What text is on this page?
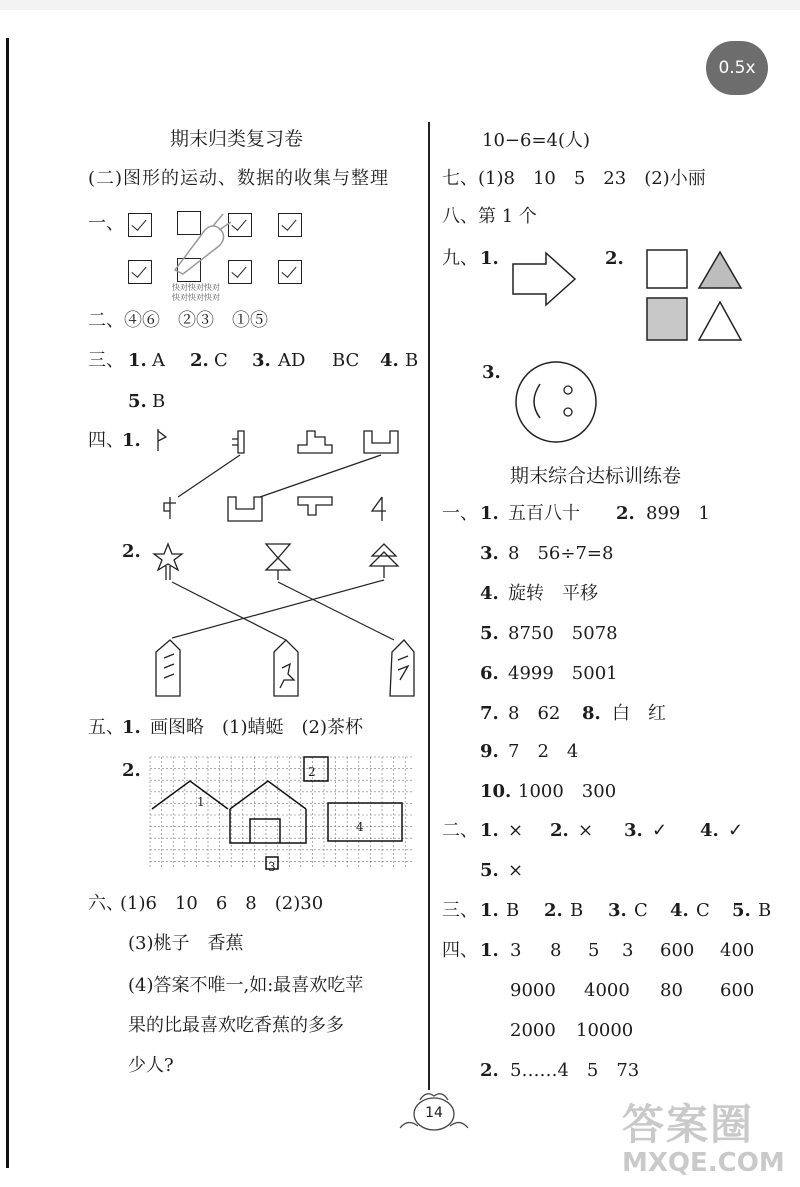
0.5x
期末归类复习卷
(二)图形的运动、数据的收集与整理
一、
快对快对快对
快对快对快对
二、④⑥　②③　①⑤
三、 1. A 2. C 3. AD BC 4. B
5. B
四、
1.
2.
五、
1. 画图略　(1)蜻蜓　(2)茶杯
2.
1
2
3
4
六、
(1)6　10　6　8　(2)30
(3)桃子　香蕉
(4)答案不唯一,如:最喜欢吃苹
果的比最喜欢吃香蕉的多多
少人?
10−6=4(人)
七、(1)8　10　5　23　(2)小丽
八、第 1 个
九、 1.	2.
3.
期末综合达标训练卷
一、 1. 五百八十 2. 899　1
3. 8　56÷7=8
4. 旋转　平移
5. 8750　5078
6. 4999　5001
7. 8　62 8. 白　红
9. 7　2　4
10. 1000　300
二、 1. × 2. × 3. ✓ 4. ✓
5. ×
三、 1. B 2. B 3. C 4. C 5. B
四、 1. 3 8 5 3 600 400
9000 4000 80 600
2000 10000
2. 5……4　5　73
14	答案圈
MXQE.COM
